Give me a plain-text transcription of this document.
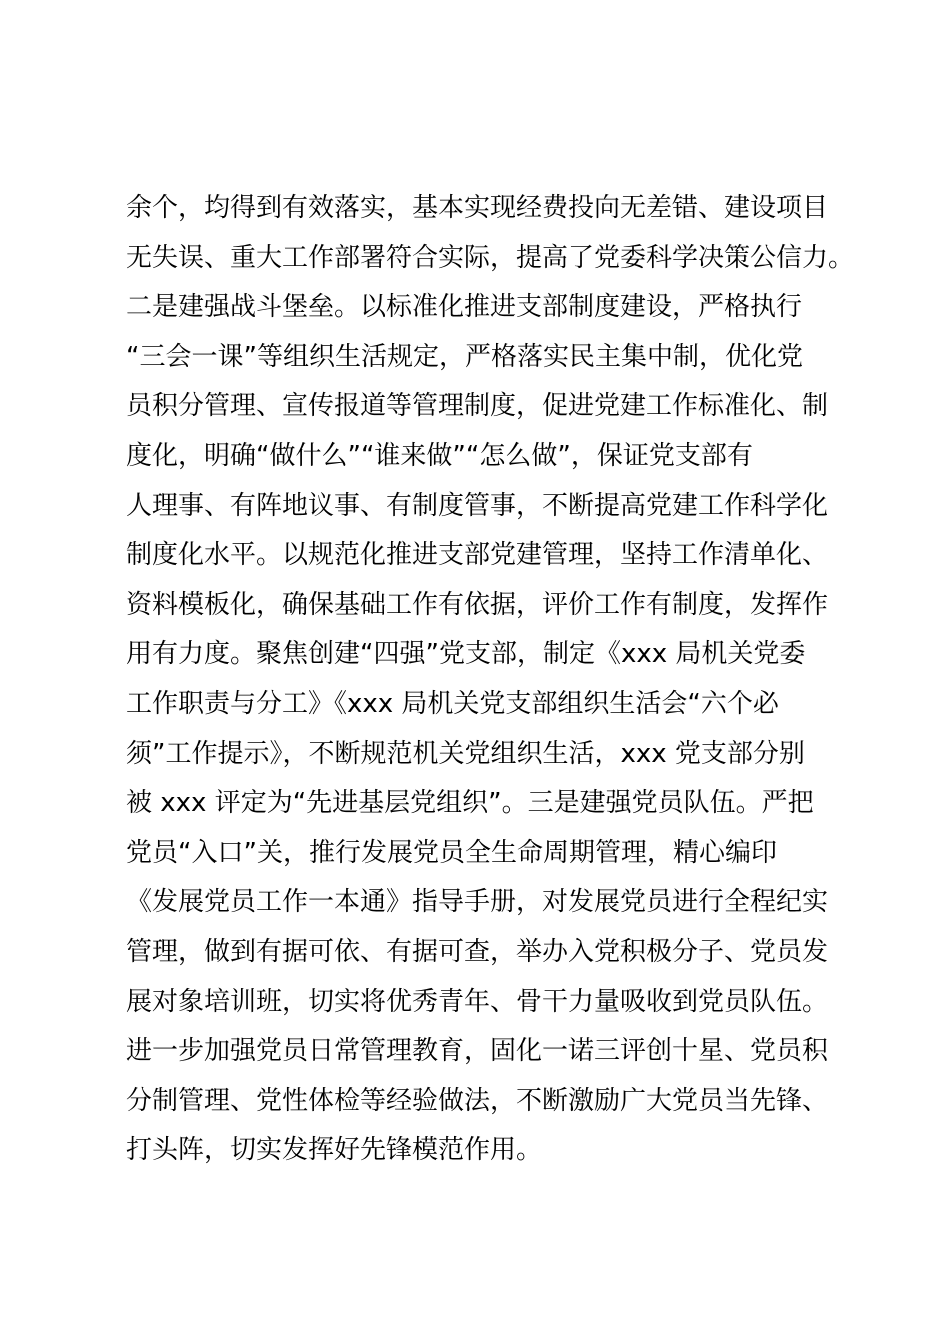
余个，均得到有效落实，基本实现经费投向无差错、建设项目
无失误、重大工作部署符合实际，提高了党委科学决策公信力。
二是建强战斗堡垒。以标准化推进支部制度建设，严格执行
“三会一课”等组织生活规定，严格落实民主集中制，优化党
员积分管理、宣传报道等管理制度，促进党建工作标准化、制
度化，明确“做什么”“谁来做”“怎么做”，保证党支部有
人理事、有阵地议事、有制度管事，不断提高党建工作科学化
制度化水平。以规范化推进支部党建管理，坚持工作清单化、
资料模板化，确保基础工作有依据，评价工作有制度，发挥作
用有力度。聚焦创建“四强”党支部，制定《xxx 局机关党委
工作职责与分工》《xxx 局机关党支部组织生活会“六个必
须”工作提示》，不断规范机关党组织生活，xxx 党支部分别
被 xxx 评定为“先进基层党组织”。三是建强党员队伍。严把
党员“入口”关，推行发展党员全生命周期管理，精心编印
《发展党员工作一本通》指导手册，对发展党员进行全程纪实
管理，做到有据可依、有据可查，举办入党积极分子、党员发
展对象培训班，切实将优秀青年、骨干力量吸收到党员队伍。
进一步加强党员日常管理教育，固化一诺三评创十星、党员积
分制管理、党性体检等经验做法，不断激励广大党员当先锋、
打头阵，切实发挥好先锋模范作用。
